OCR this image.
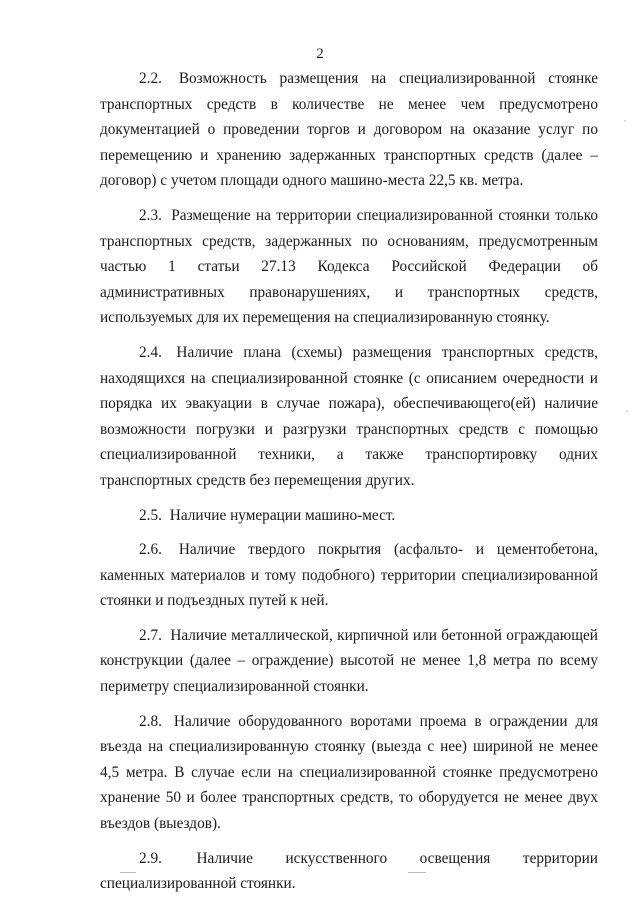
2

2.2. Возможность размещения на специализированной стоянке транспортных средств в количестве не менее чем предусмотрено документацией о проведении торгов и договором на оказание услуг по перемещению и хранению задержанных транспортных средств (далее – договор) с учетом площади одного машино-места 22,5 кв. метра.

2.3. Размещение на территории специализированной стоянки только транспортных средств, задержанных по основаниям, предусмотренным частью 1 статьи 27.13 Кодекса Российской Федерации об административных правонарушениях, и транспортных средств, используемых для их перемещения на специализированную стоянку.

2.4. Наличие плана (схемы) размещения транспортных средств, находящихся на специализированной стоянке (с описанием очередности и порядка их эвакуации в случае пожара), обеспечивающего(ей) наличие возможности погрузки и разгрузки транспортных средств с помощью специализированной техники, а также транспортировку одних транспортных средств без перемещения других.

2.5. Наличие нумерации машино-мест.

2.6. Наличие твердого покрытия (асфальто- и цементобетона, каменных материалов и тому подобного) территории специализированной стоянки и подъездных путей к ней.

2.7. Наличие металлической, кирпичной или бетонной ограждающей конструкции (далее – ограждение) высотой не менее 1,8 метра по всему периметру специализированной стоянки.

2.8. Наличие оборудованного воротами проема в ограждении для въезда на специализированную стоянку (выезда с нее) шириной не менее 4,5 метра. В случае если на специализированной стоянке предусмотрено хранение 50 и более транспортных средств, то оборудуется не менее двух въездов (выездов).

2.9. Наличие искусственного освещения территории специализированной стоянки.
